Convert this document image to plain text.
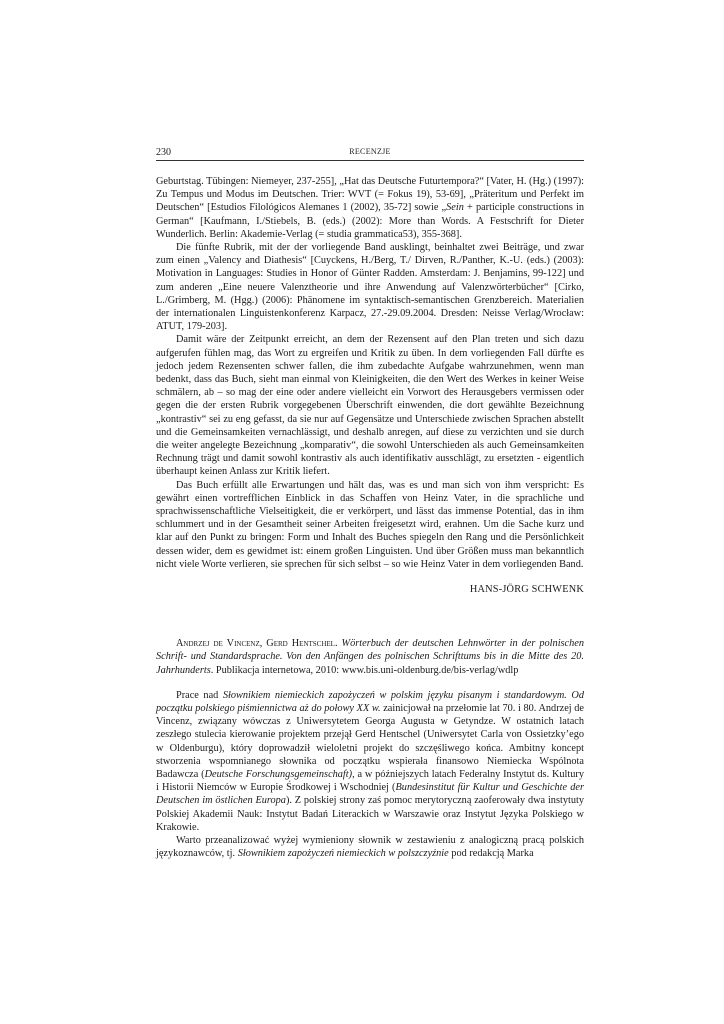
230	RECENZJE

Geburtstag. Tübingen: Niemeyer, 237-255], „Hat das Deutsche Futurtempora?“ [Vater, H. (Hg.) (1997): Zu Tempus und Modus im Deutschen. Trier: WVT (= Fokus 19), 53-69], „Präteritum und Perfekt im Deutschen“ [Estudios Filológicos Alemanes 1 (2002), 35-72] sowie „Sein + participle constructions in German“ [Kaufmann, I./Stiebels, B. (eds.) (2002): More than Words. A Festschrift for Dieter Wunderlich. Berlin: Akademie-Verlag (= studia grammatica53), 355-368].

Die fünfte Rubrik, mit der der vorliegende Band ausklingt, beinhaltet zwei Beiträge, und zwar zum einen „Valency and Diathesis“ [Cuyckens, H./Berg, T./ Dirven, R./Panther, K.-U. (eds.) (2003): Motivation in Languages: Studies in Honor of Günter Radden. Amsterdam: J. Benjamins, 99-122] und zum anderen „Eine neuere Valenztheorie und ihre Anwendung auf Valenzwörterbücher“ [Cirko, L./Grimberg, M. (Hgg.) (2006): Phänomene im syntaktisch-semantischen Grenzbereich. Materialien der internationalen Linguistenkonferenz Karpacz, 27.-29.09.2004. Dresden: Neisse Verlag/Wrocław: ATUT, 179-203].

Damit wäre der Zeitpunkt erreicht, an dem der Rezensent auf den Plan treten und sich dazu aufgerufen fühlen mag, das Wort zu ergreifen und Kritik zu üben. In dem vorliegenden Fall dürfte es jedoch jedem Rezensenten schwer fallen, die ihm zubedachte Aufgabe wahrzunehmen, wenn man bedenkt, dass das Buch, sieht man einmal von Kleinigkeiten, die den Wert des Werkes in keiner Weise schmälern, ab – so mag der eine oder andere vielleicht ein Vorwort des Herausgebers vermissen oder gegen die der ersten Rubrik vorgegebenen Überschrift einwenden, die dort gewählte Bezeichnung „kontrastiv“ sei zu eng gefasst, da sie nur auf Gegensätze und Unterschiede zwischen Sprachen abstellt und die Gemeinsamkeiten vernachlässigt, und deshalb anregen, auf diese zu verzichten und sie durch die weiter angelegte Bezeichnung „komparativ“, die sowohl Unterschieden als auch Gemeinsamkeiten Rechnung trägt und damit sowohl kontrastiv als auch identifikativ ausschlägt, zu ersetzten - eigentlich überhaupt keinen Anlass zur Kritik liefert.

Das Buch erfüllt alle Erwartungen und hält das, was es und man sich von ihm verspricht: Es gewährt einen vortrefflichen Einblick in das Schaffen von Heinz Vater, in die sprachliche und sprachwissenschaftliche Vielseitigkeit, die er verkörpert, und lässt das immense Potential, das in ihm schlummert und in der Gesamtheit seiner Arbeiten freigesetzt wird, erahnen. Um die Sache kurz und klar auf den Punkt zu bringen: Form und Inhalt des Buches spiegeln den Rang und die Persönlichkeit dessen wider, dem es gewidmet ist: einem großen Linguisten. Und über Größen muss man bekanntlich nicht viele Worte verlieren, sie sprechen für sich selbst – so wie Heinz Vater in dem vorliegenden Band.

HANS-JÖRG SCHWENK
Andrzej de Vincenz, Gerd Hentschel. Wörterbuch der deutschen Lehnwörter in der polnischen Schrift- und Standardsprache. Von den Anfängen des polnischen Schrifttums bis in die Mitte des 20. Jahrhunderts. Publikacja internetowa, 2010: www.bis.uni-oldenburg.de/bis-verlag/wdlp

Prace nad Słownikiem niemieckich zapożyczeń w polskim języku pisanym i standardowym. Od początku polskiego piśmiennictwa aż do połowy XX w. zainicjował na przełomie lat 70. i 80. Andrzej de Vincenz, związany wówczas z Uniwersytetem Georga Augusta w Getyndze. W ostatnich latach zeszłego stulecia kierowanie projektem przejął Gerd Hentschel (Uniwersytet Carla von Ossietzky’ego w Oldenburgu), który doprowadził wieloletni projekt do szczęśliwego końca. Ambitny koncept stworzenia wspomnianego słownika od początku wspierała finansowo Niemiecka Wspólnota Badawcza (Deutsche Forschungsgemeinschaft), a w późniejszych latach Federalny Instytut ds. Kultury i Historii Niemców w Europie Środkowej i Wschodniej (Bundesinstitut für Kultur und Geschichte der Deutschen im östlichen Europa). Z polskiej strony zaś pomoc merytoryczną zaoferowały dwa instytuty Polskiej Akademii Nauk: Instytut Badań Literackich w Warszawie oraz Instytut Języka Polskiego w Krakowie.

Warto przeanalizować wyżej wymieniony słownik w zestawieniu z analogiczną pracą polskich językoznawców, tj. Słownikiem zapożyczeń niemieckich w polszczyźnie pod redakcją Marka
